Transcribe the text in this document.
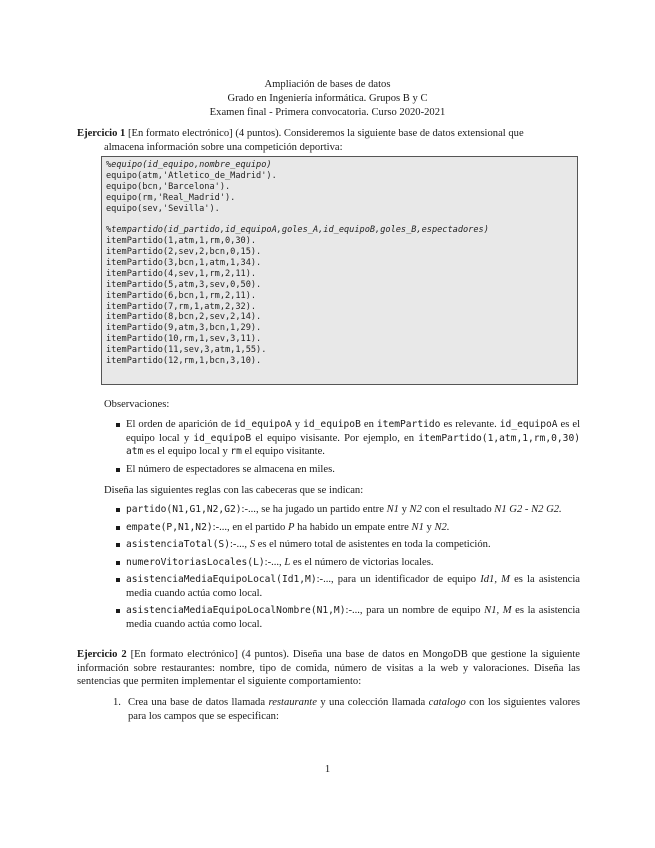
Ampliación de bases de datos
Grado en Ingeniería informática. Grupos B y C
Examen final - Primera convocatoria. Curso 2020-2021
Ejercicio 1 [En formato electrónico] (4 puntos). Consideremos la siguiente base de datos extensional que
almacena información sobre una competición deportiva:
%equipo(id_equipo,nombre_equipo)
equipo(atm,'Atletico_de_Madrid').
equipo(bcn,'Barcelona').
equipo(rm,'Real_Madrid').
equipo(sev,'Sevilla').
%tempartido(id_partido,id_equipoA,goles_A,id_equipoB,goles_B,espectadores)
itemPartido(1,atm,1,rm,0,30).
itemPartido(2,sev,2,bcn,0,15).
itemPartido(3,bcn,1,atm,1,34).
itemPartido(4,sev,1,rm,2,11).
itemPartido(5,atm,3,sev,0,50).
itemPartido(6,bcn,1,rm,2,11).
itemPartido(7,rm,1,atm,2,32).
itemPartido(8,bcn,2,sev,2,14).
itemPartido(9,atm,3,bcn,1,29).
itemPartido(10,rm,1,sev,3,11).
itemPartido(11,sev,3,atm,1,55).
itemPartido(12,rm,1,bcn,3,10).
Observaciones:
El orden de aparición de id_equipoA y id_equipoB en itemPartido es relevante. id_equipoA es el equipo local y id_equipoB el equipo visisante. Por ejemplo, en itemPartido(1,atm,1,rm,0,30) atm es el equipo local y rm el equipo visitante.
El número de espectadores se almacena en miles.
Diseña las siguientes reglas con las cabeceras que se indican:
partido(N1,G1,N2,G2):-..., se ha jugado un partido entre N1 y N2 con el resultado N1 G2 - N2 G2.
empate(P,N1,N2):-..., en el partido P ha habido un empate entre N1 y N2.
asistenciaTotal(S):-..., S es el número total de asistentes en toda la competición.
numeroVitoriasLocales(L):-..., L es el número de victorias locales.
asistenciaMediaEquipoLocal(Id1,M):-..., para un identificador de equipo Id1, M es la asistencia media cuando actúa como local.
asistenciaMediaEquipoLocalNombre(N1,M):-..., para un nombre de equipo N1, M es la asistencia media cuando actúa como local.
Ejercicio 2 [En formato electrónico] (4 puntos). Diseña una base de datos en MongoDB que gestione la siguiente información sobre restaurantes: nombre, tipo de comida, número de visitas a la web y valoraciones. Diseña las sentencias que permiten implementar el siguiente comportamiento:
1. Crea una base de datos llamada restaurante y una colección llamada catalogo con los siguientes valores para los campos que se especifican:
1
